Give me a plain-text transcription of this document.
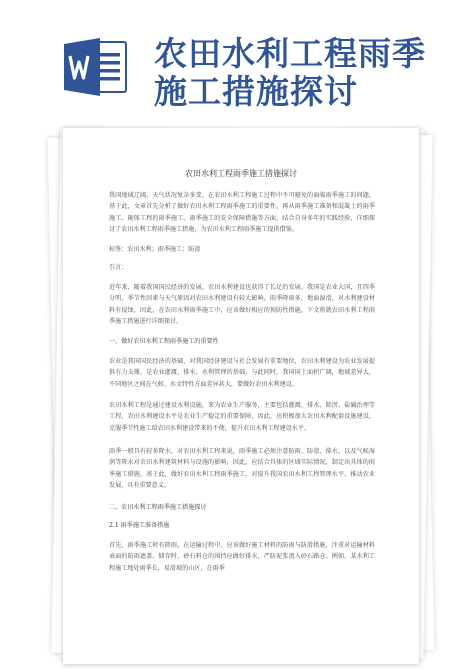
农田水利工程雨季
施工措施探讨
农田水利工程雨季施工措施探讨

我国地域辽阔、天气状况复杂多变，在农田水利工程施工过程中不可避免的面临雨季施工的问题，基于此，文章首先分析了做好农田水利工程雨季施工的重要性，再从雨季施工准备和混凝土的雨季施工、砌体工程的雨季施工、雨季施工的安全保障措施等方面，结合自身多年的实践经验，详细探讨了农田水利工程雨季施工措施，为农田水利工程雨季施工提供借鉴。

标签：农田水利；雨季施工；防滑

引言：

近年来，随着我国国民经济的发展，农田水利建设也获得了长足的发展。我国是农业大国，且四季分明，季节性因素与天气原因对农田水利建设有较大影响，雨季降雨多、地面湿滑，对水利建设材料有侵蚀，因此，在农田水利雨季施工中，应该做好相应的预防性措施，下文将就农田水利工程雨季施工措施进行详细探讨。

一、做好农田水利工程雨季施工的重要性

农业是我国国民经济的基础，对我国经济建设与社会发展有重要地位，农田水利建设为农业发展提供有力支撑，是农业灌溉、排水、水利管理的基础，与此同时，我国国土面积广阔，地域差异大，不同地区之间在气候、水文特性方面差异甚大，要做好农田水利建设。

农田水利工程是通过建设水利设施，来为农业生产服务，主要包括灌溉、排水、除涝、盐碱治理等工程，农田水利建设水平是农业生产稳定的重要保障，因此，应积极加大农田水利配套设施建设，克服季节性施工给农田水利建设带来的不便，提升农田水利工程建设水平。

雨季一般具有较多降水，对农田水利工程来说，雨季施工必须注意防雨、防滑、排水，以及气候湿润等降水对农田水利建筑材料与设施的影响，因此，应结合具体的区域实际情况，制定出具体的雨季施工措施，基于此，做好农田水利工程雨季施工，对提升我国农田水利工程管理水平、推动农业发展，具有重要意义。

二、农田水利工程雨季施工措施探讨

2.1 雨季施工准备措施

首先，雨季施工时有降雨，在运输过程中，应该做好施工材料的防雨与防滑措施，注重对运输材料表面的防雨遮盖、储存时，砂石料仓的围挡应做好排水，严防泥浆流入砂石路仓。例如，某水利工程施工地处雨季长，易滑坡的山区，在雨季
